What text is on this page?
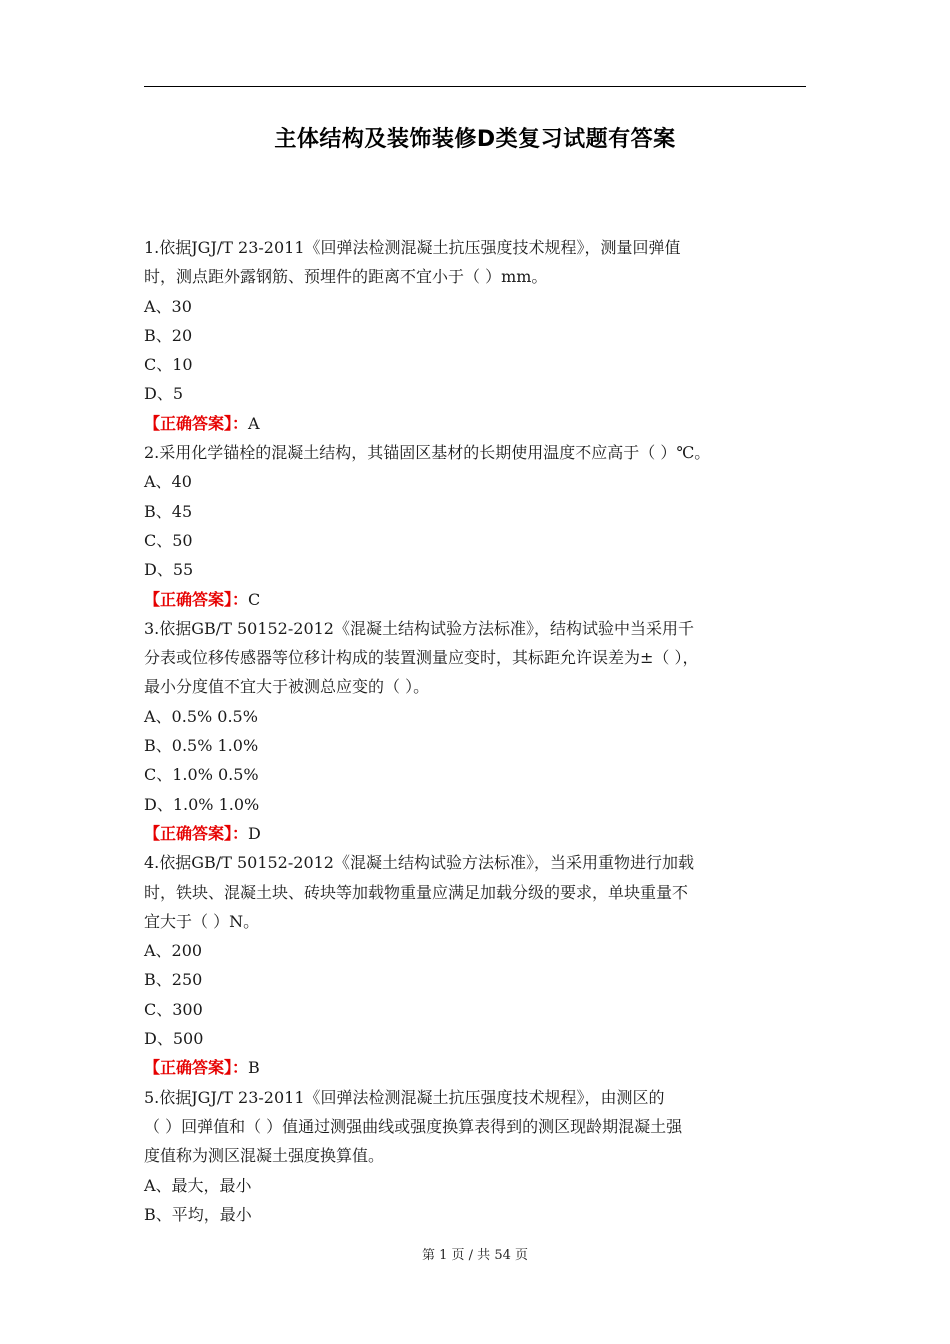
主体结构及装饰装修D类复习试题有答案
1.依据JGJ/T 23-2011《回弹法检测混凝土抗压强度技术规程》，测量回弹值
时，测点距外露钢筋、预埋件的距离不宜小于（ ）mm。
A、30
B、20
C、10
D、5
【正确答案】：A
2.采用化学锚栓的混凝土结构，其锚固区基材的长期使用温度不应高于（ ）℃。
A、40
B、45
C、50
D、55
【正确答案】：C
3.依据GB/T 50152-2012《混凝土结构试验方法标准》，结构试验中当采用千
分表或位移传感器等位移计构成的装置测量应变时，其标距允许误差为±（ ），
最小分度值不宜大于被测总应变的（ ）。
A、0.5% 0.5%
B、0.5% 1.0%
C、1.0% 0.5%
D、1.0% 1.0%
【正确答案】：D
4.依据GB/T 50152-2012《混凝土结构试验方法标准》，当采用重物进行加载
时，铁块、混凝土块、砖块等加载物重量应满足加载分级的要求，单块重量不
宜大于（ ）N。
A、200
B、250
C、300
D、500
【正确答案】：B
5.依据JGJ/T 23-2011《回弹法检测混凝土抗压强度技术规程》，由测区的
（ ）回弹值和（ ）值通过测强曲线或强度换算表得到的测区现龄期混凝土强
度值称为测区混凝土强度换算值。
A、最大，最小
B、平均，最小
第 1 页 / 共 54 页
